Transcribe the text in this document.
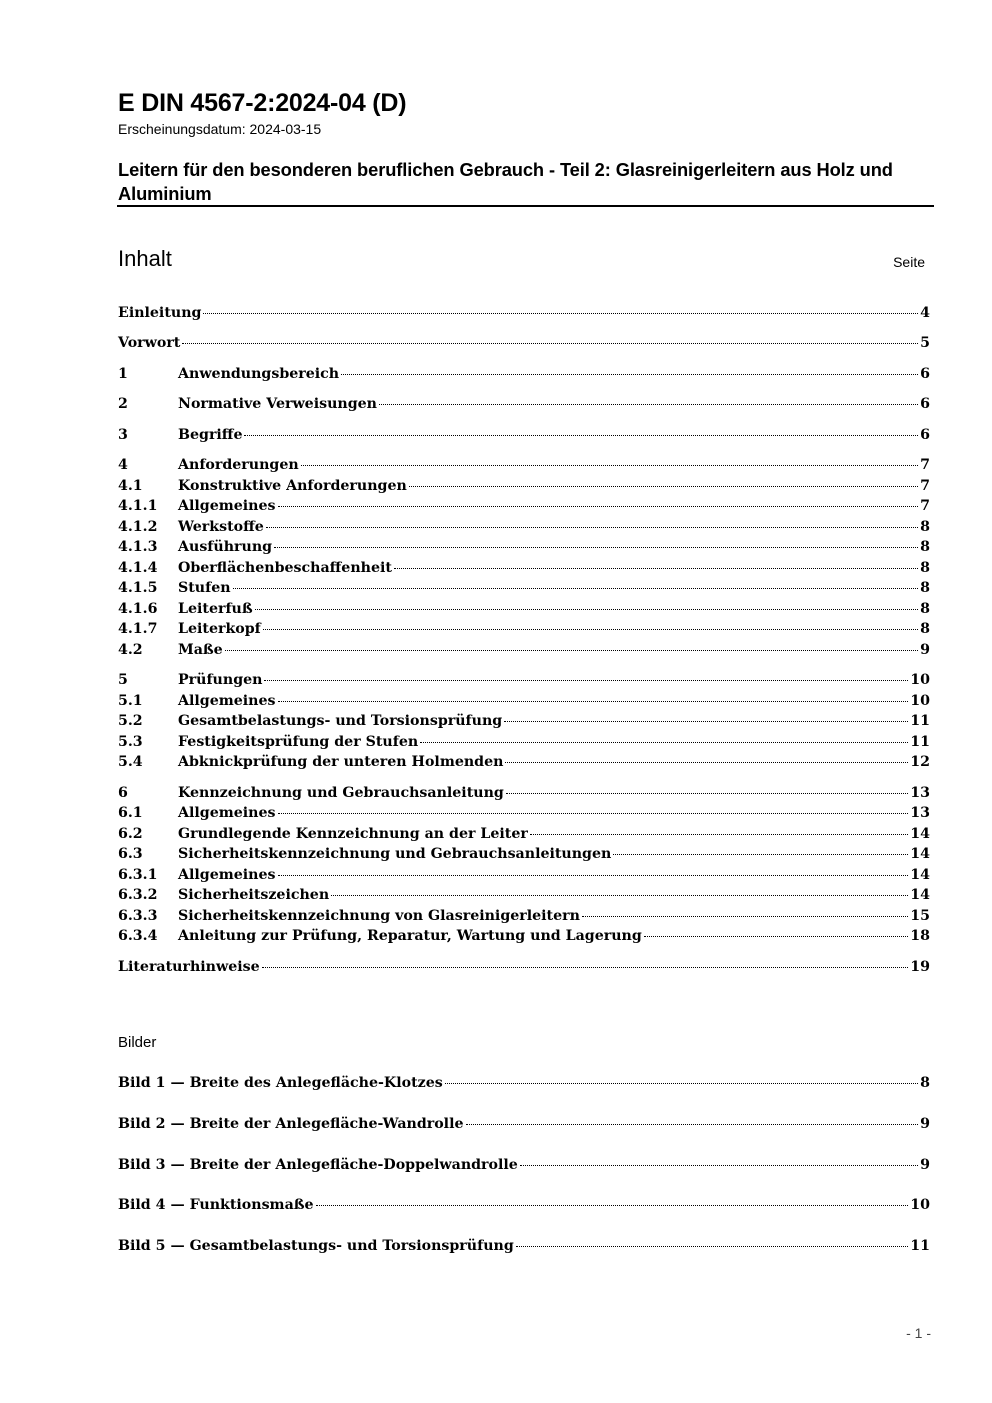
E DIN 4567-2:2024-04 (D)
Erscheinungsdatum: 2024-03-15
Leitern für den besonderen beruflichen Gebrauch - Teil 2: Glasreinigerleitern aus Holz und Aluminium
Inhalt	Seite
Einleitung	4
Vorwort	5
1	Anwendungsbereich	6
2	Normative Verweisungen	6
3	Begriffe	6
4	Anforderungen	7
4.1	Konstruktive Anforderungen	7
4.1.1	Allgemeines	7
4.1.2	Werkstoffe	8
4.1.3	Ausführung	8
4.1.4	Oberflächenbeschaffenheit	8
4.1.5	Stufen	8
4.1.6	Leiterfuß	8
4.1.7	Leiterkopf	8
4.2	Maße	9
5	Prüfungen	10
5.1	Allgemeines	10
5.2	Gesamtbelastungs- und Torsionsprüfung	11
5.3	Festigkeitsprüfung der Stufen	11
5.4	Abknickprüfung der unteren Holmenden	12
6	Kennzeichnung und Gebrauchsanleitung	13
6.1	Allgemeines	13
6.2	Grundlegende Kennzeichnung an der Leiter	14
6.3	Sicherheitskennzeichnung und Gebrauchsanleitungen	14
6.3.1	Allgemeines	14
6.3.2	Sicherheitszeichen	14
6.3.3	Sicherheitskennzeichnung von Glasreinigerleitern	15
6.3.4	Anleitung zur Prüfung, Reparatur, Wartung und Lagerung	18
Literaturhinweise	19
Bilder
Bild 1 — Breite des Anlegefläche-Klotzes	8
Bild 2 — Breite der Anlegefläche-Wandrolle	9
Bild 3 — Breite der Anlegefläche-Doppelwandrolle	9
Bild 4 — Funktionsmaße	10
Bild 5 — Gesamtbelastungs- und Torsionsprüfung	11
- 1 -
